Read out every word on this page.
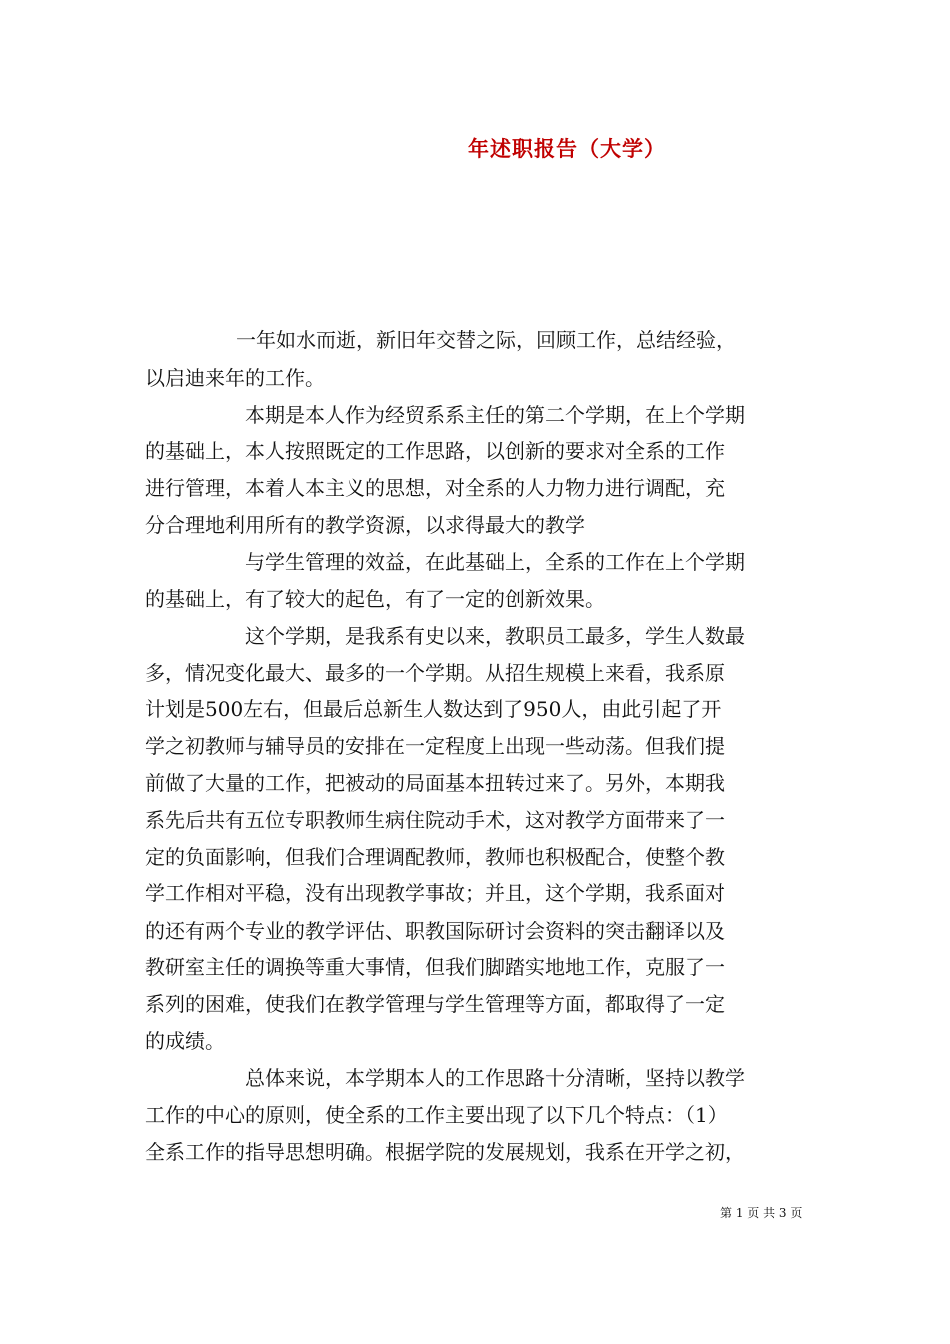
年述职报告（大学）
一年如水而逝，新旧年交替之际，回顾工作，总结经验，
以启迪来年的工作。
本期是本人作为经贸系系主任的第二个学期，在上个学期
的基础上，本人按照既定的工作思路，以创新的要求对全系的工作
进行管理，本着人本主义的思想，对全系的人力物力进行调配，充
分合理地利用所有的教学资源，以求得最大的教学
与学生管理的效益，在此基础上，全系的工作在上个学期
的基础上，有了较大的起色，有了一定的创新效果。
这个学期，是我系有史以来，教职员工最多，学生人数最
多，情况变化最大、最多的一个学期。从招生规模上来看，我系原
计划是500左右，但最后总新生人数达到了950人，由此引起了开
学之初教师与辅导员的安排在一定程度上出现一些动荡。但我们提
前做了大量的工作，把被动的局面基本扭转过来了。另外，本期我
系先后共有五位专职教师生病住院动手术，这对教学方面带来了一
定的负面影响，但我们合理调配教师，教师也积极配合，使整个教
学工作相对平稳，没有出现教学事故；并且，这个学期，我系面对
的还有两个专业的教学评估、职教国际研讨会资料的突击翻译以及
教研室主任的调换等重大事情，但我们脚踏实地地工作，克服了一
系列的困难，使我们在教学管理与学生管理等方面，都取得了一定
的成绩。
总体来说，本学期本人的工作思路十分清晰，坚持以教学
工作的中心的原则，使全系的工作主要出现了以下几个特点：（1）
全系工作的指导思想明确。根据学院的发展规划，我系在开学之初，
第 1 页 共 3 页
